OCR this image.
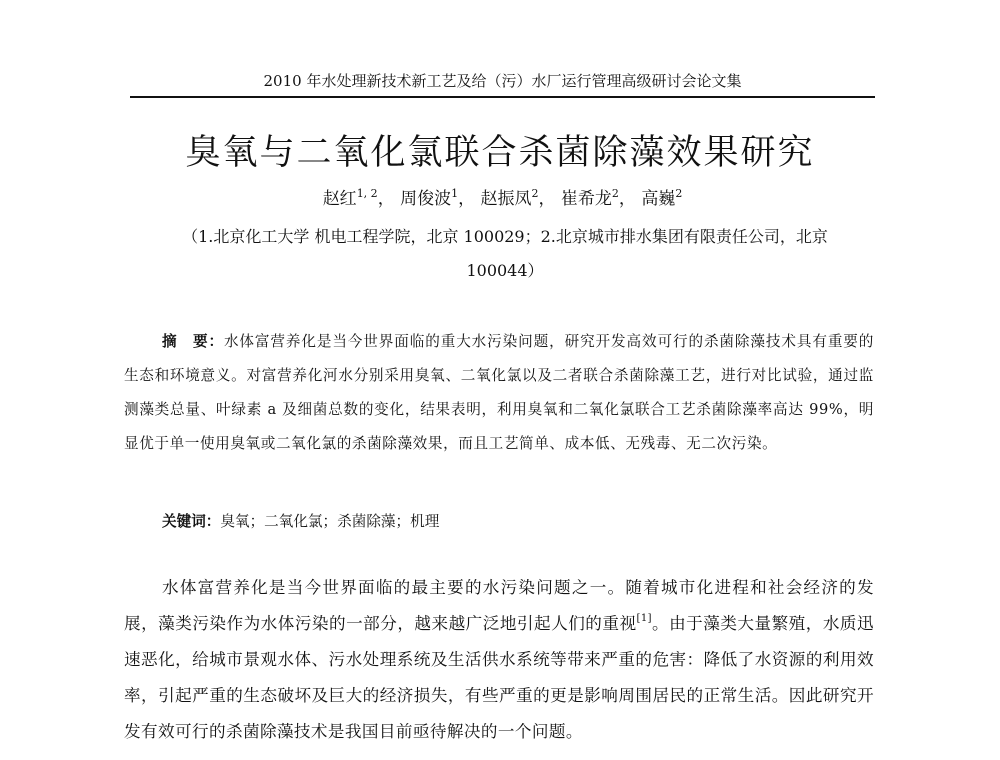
2010 年水处理新技术新工艺及给（污）水厂运行管理高级研讨会论文集
臭氧与二氧化氯联合杀菌除藻效果研究
赵红$^{1, 2}$， 周俊波$^1$， 赵振凤$^2$， 崔希龙$^2$， 高巍$^2$
（1.北京化工大学 机电工程学院，北京 100029；2.北京城市排水集团有限责任公司，北京 100044）
摘　要：水体富营养化是当今世界面临的重大水污染问题，研究开发高效可行的杀菌除藻技术具有重要的生态和环境意义。对富营养化河水分别采用臭氧、二氧化氯以及二者联合杀菌除藻工艺，进行对比试验，通过监测藻类总量、叶绿素 a 及细菌总数的变化，结果表明，利用臭氧和二氧化氯联合工艺杀菌除藻率高达 99%，明显优于单一使用臭氧或二氧化氯的杀菌除藻效果，而且工艺简单、成本低、无残毒、无二次污染。
关键词：臭氧；二氧化氯；杀菌除藻；机理
水体富营养化是当今世界面临的最主要的水污染问题之一。随着城市化进程和社会经济的发展，藻类污染作为水体污染的一部分，越来越广泛地引起人们的重视[1]。由于藻类大量繁殖，水质迅速恶化，给城市景观水体、污水处理系统及生活供水系统等带来严重的危害：降低了水资源的利用效率，引起严重的生态破坏及巨大的经济损失，有些严重的更是影响周围居民的正常生活。因此研究开发有效可行的杀菌除藻技术是我国目前亟待解决的一个问题。
